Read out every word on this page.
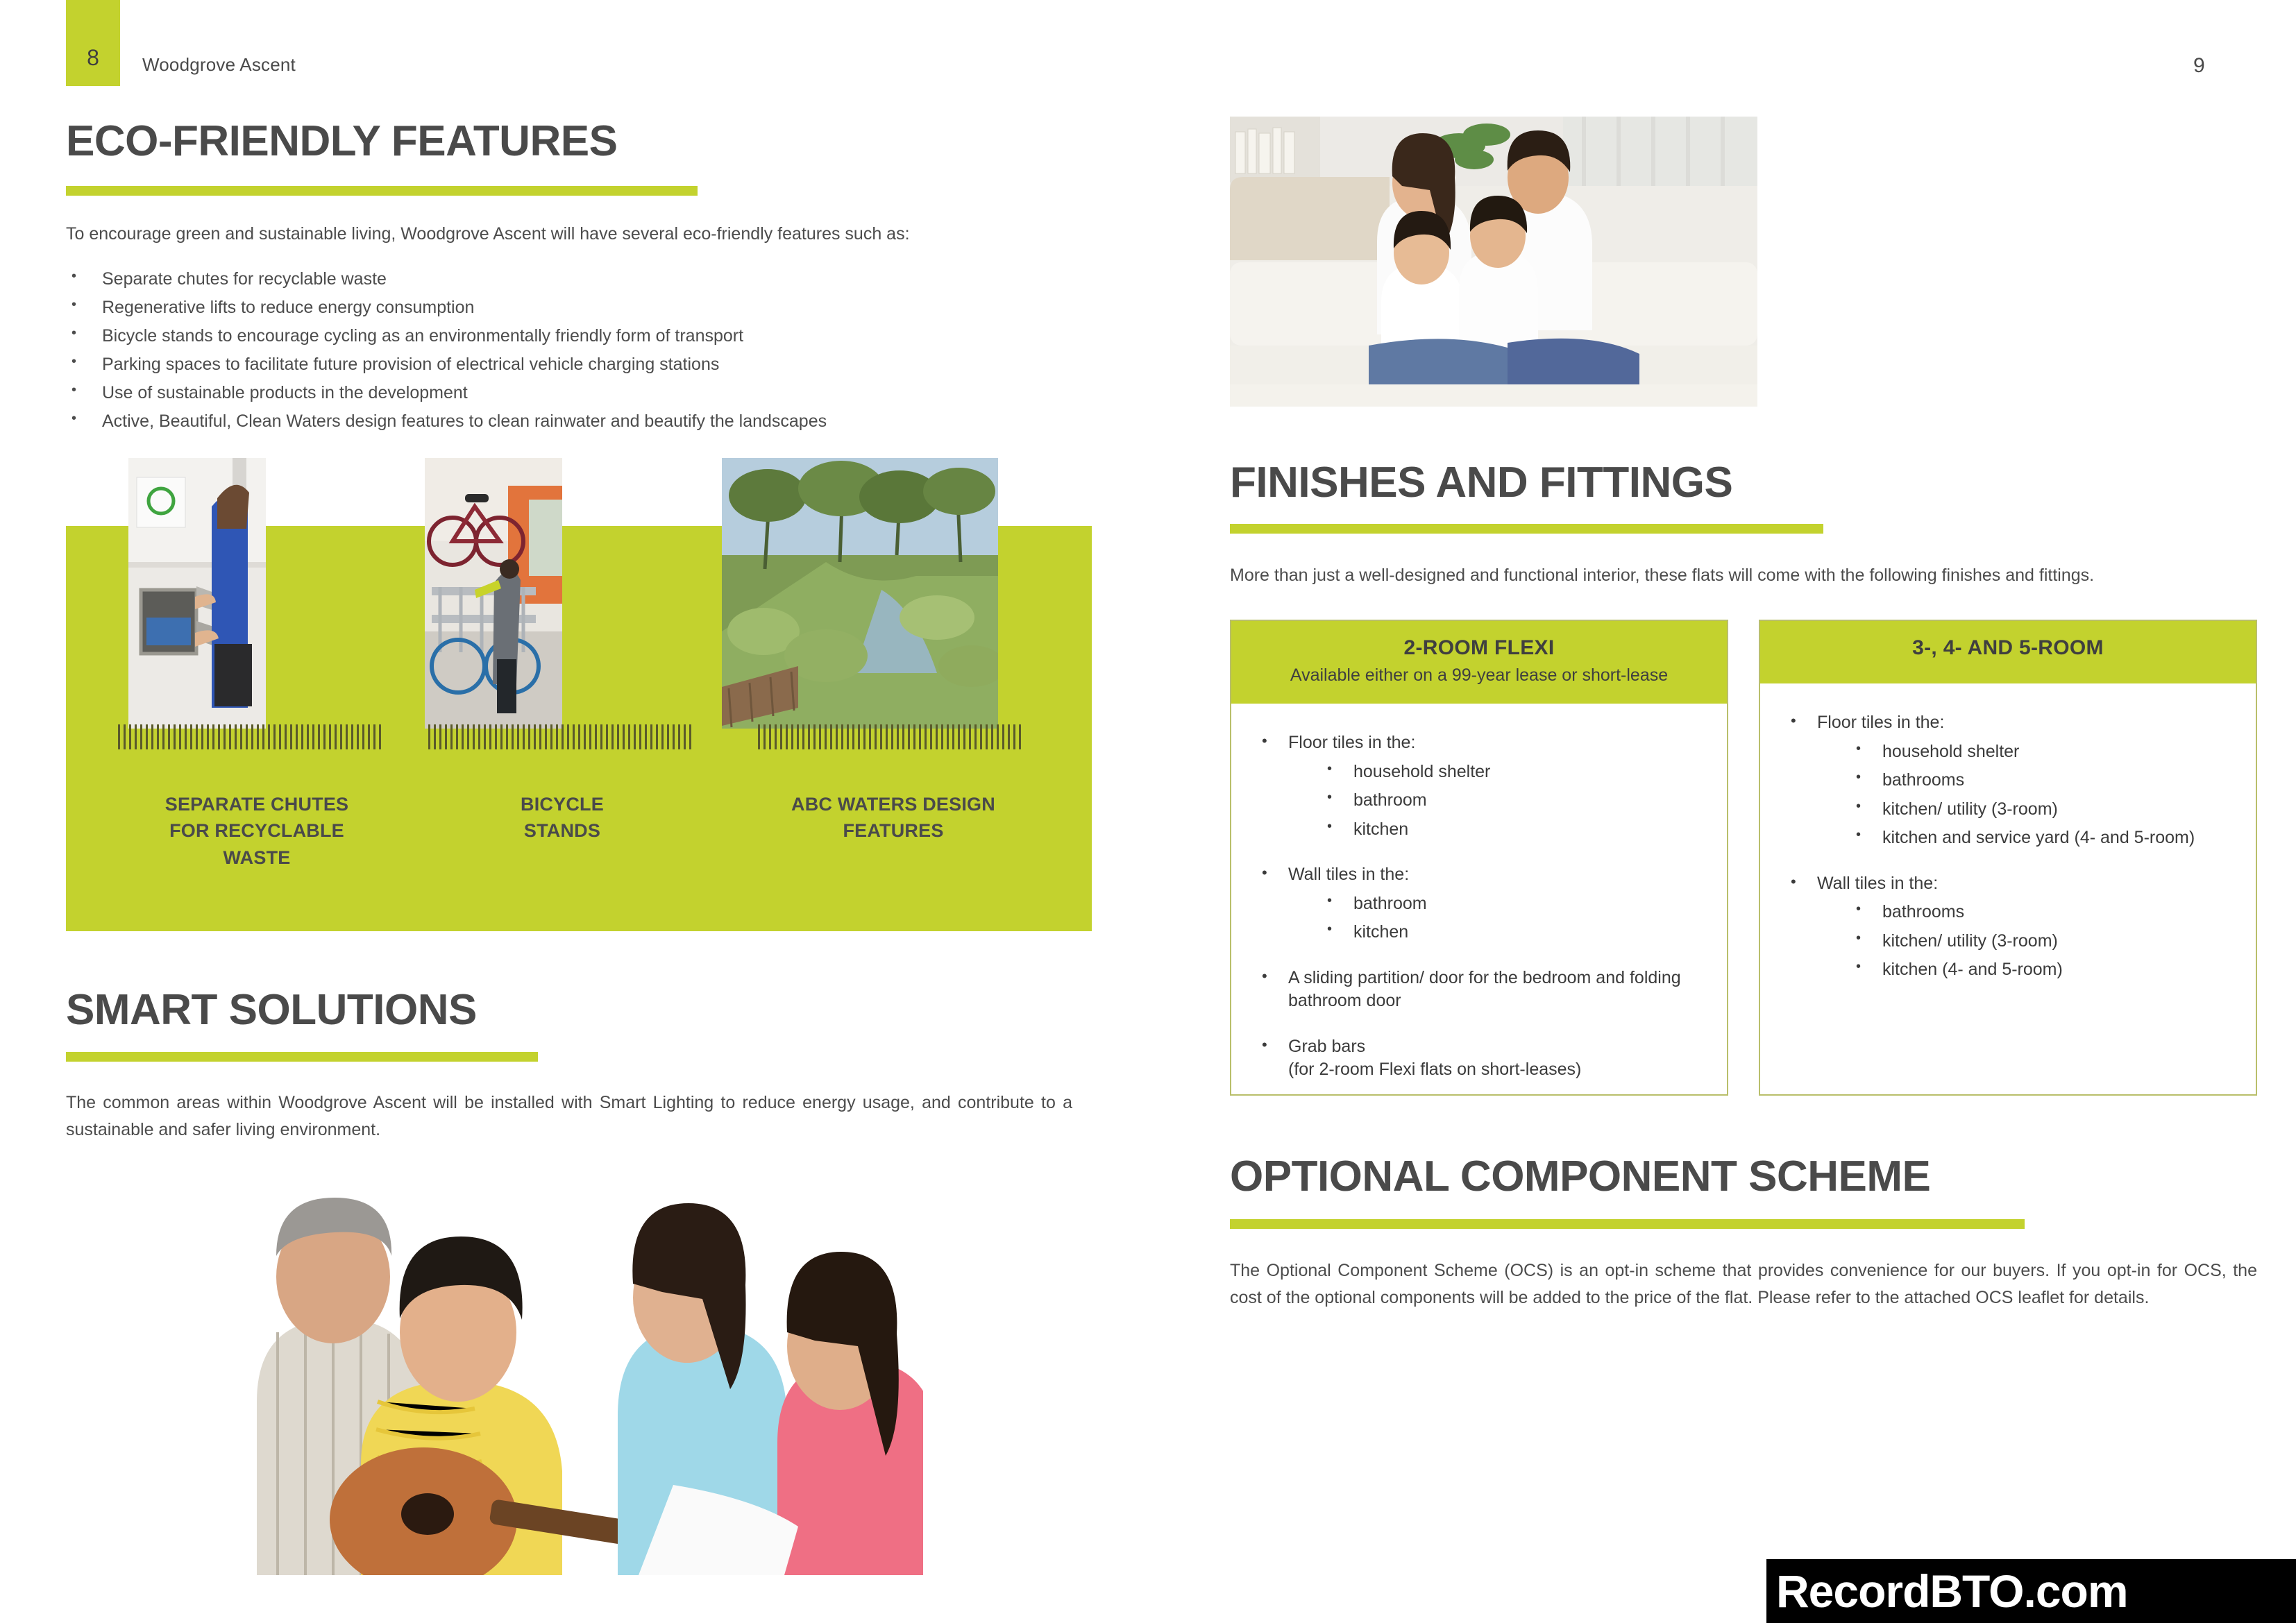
8	Woodgrove Ascent	9
ECO-FRIENDLY FEATURES
To encourage green and sustainable living, Woodgrove Ascent will have several eco-friendly features such as:
• Separate chutes for recyclable waste
• Regenerative lifts to reduce energy consumption
• Bicycle stands to encourage cycling as an environmentally friendly form of transport
• Parking spaces to facilitate future provision of electrical vehicle charging stations
• Use of sustainable products in the development
• Active, Beautiful, Clean Waters design features to clean rainwater and beautify the landscapes
SEPARATE CHUTES
FOR RECYCLABLE
WASTE
BICYCLE
STANDS
ABC WATERS DESIGN
FEATURES
SMART SOLUTIONS
The common areas within Woodgrove Ascent will be installed with Smart Lighting to reduce energy usage, and contribute to a sustainable and safer living environment.
FINISHES AND FITTINGS
More than just a well-designed and functional interior, these flats will come with the following finishes and fittings.
2-ROOM FLEXI
Available either on a 99-year lease or short-lease
• Floor tiles in the:
• household shelter
• bathroom
• kitchen
• Wall tiles in the:
• bathroom
• kitchen
• A sliding partition/ door for the bedroom and folding bathroom door
• Grab bars
(for 2-room Flexi flats on short-leases)
3-, 4- AND 5-ROOM
• Floor tiles in the:
• household shelter
• bathrooms
• kitchen/ utility (3-room)
• kitchen and service yard (4- and 5-room)
• Wall tiles in the:
• bathrooms
• kitchen/ utility (3-room)
• kitchen (4- and 5-room)
OPTIONAL COMPONENT SCHEME
The Optional Component Scheme (OCS) is an opt-in scheme that provides convenience for our buyers. If you opt-in for OCS, the cost of the optional components will be added to the price of the flat. Please refer to the attached OCS leaflet for details.
RecordBTO.com
